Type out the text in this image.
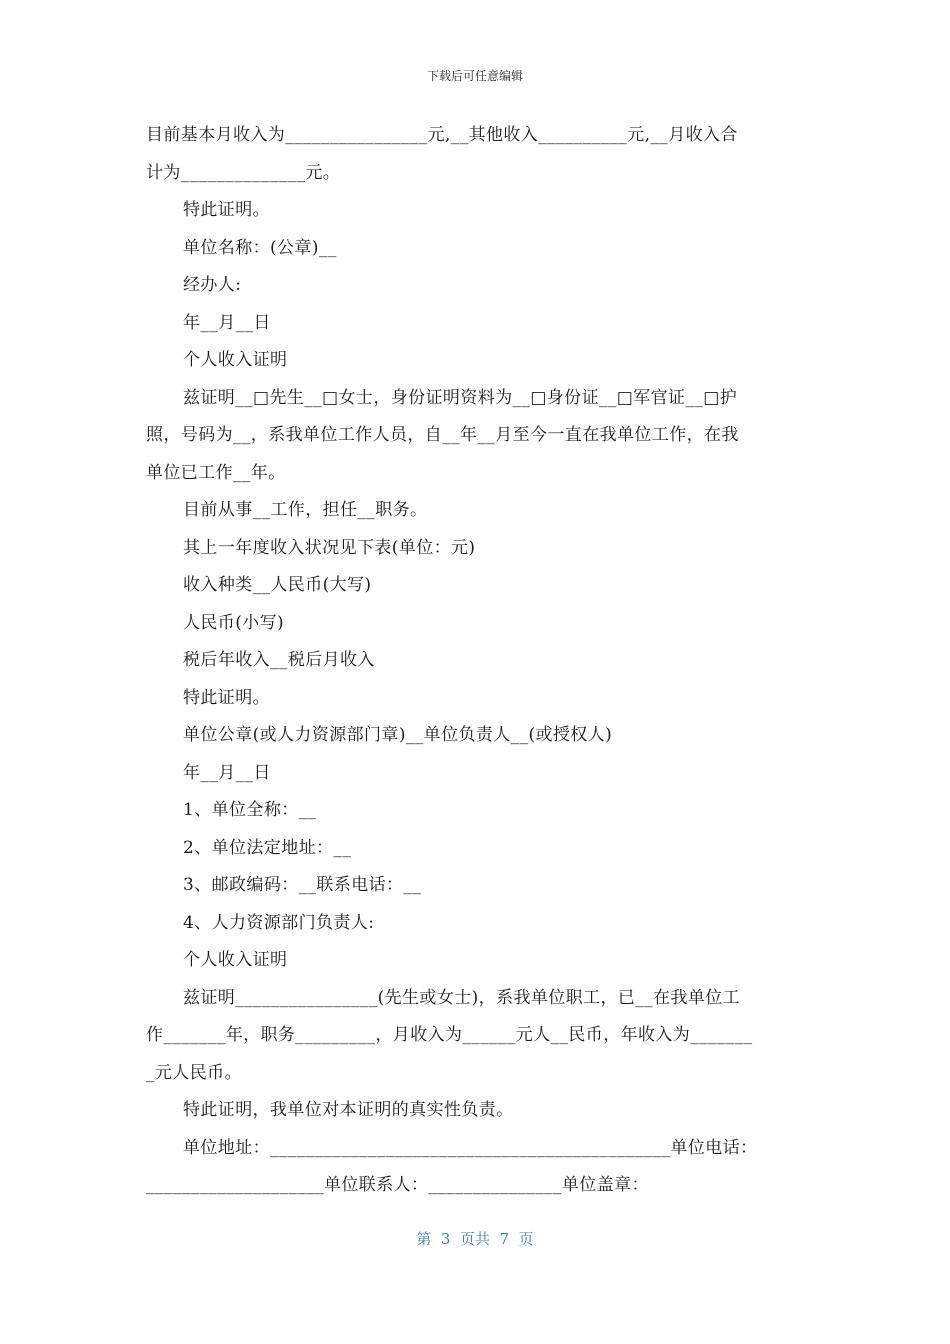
下载后可任意编辑

目前基本月收入为________________元,__其他收入__________元,__月收入合

计为______________元。

特此证明。

单位名称：(公章)__

经办人:

年__月__日

个人收入证明

兹证明__□先生__□女士，身份证明资料为__□身份证__□军官证__□护

照，号码为__，系我单位工作人员，自__年__月至今一直在我单位工作，在我

单位已工作__年。

目前从事__工作，担任__职务。

其上一年度收入状况见下表(单位：元)

收入种类__人民币(大写)

人民币(小写)

税后年收入__税后月收入

特此证明。

单位公章(或人力资源部门章)__单位负责人__(或授权人)

年__月__日

1、单位全称：__

2、单位法定地址：__

3、邮政编码：__联系电话：__

4、人力资源部门负责人:

个人收入证明

兹证明________________(先生或女士)，系我单位职工，已__在我单位工

作_______年，职务_________，月收入为______元人__民币，年收入为_______

_元人民币。

特此证明，我单位对本证明的真实性负责。

单位地址：_____________________________________________单位电话：

____________________单位联系人：_______________单位盖章：

第  3  页共  7  页
